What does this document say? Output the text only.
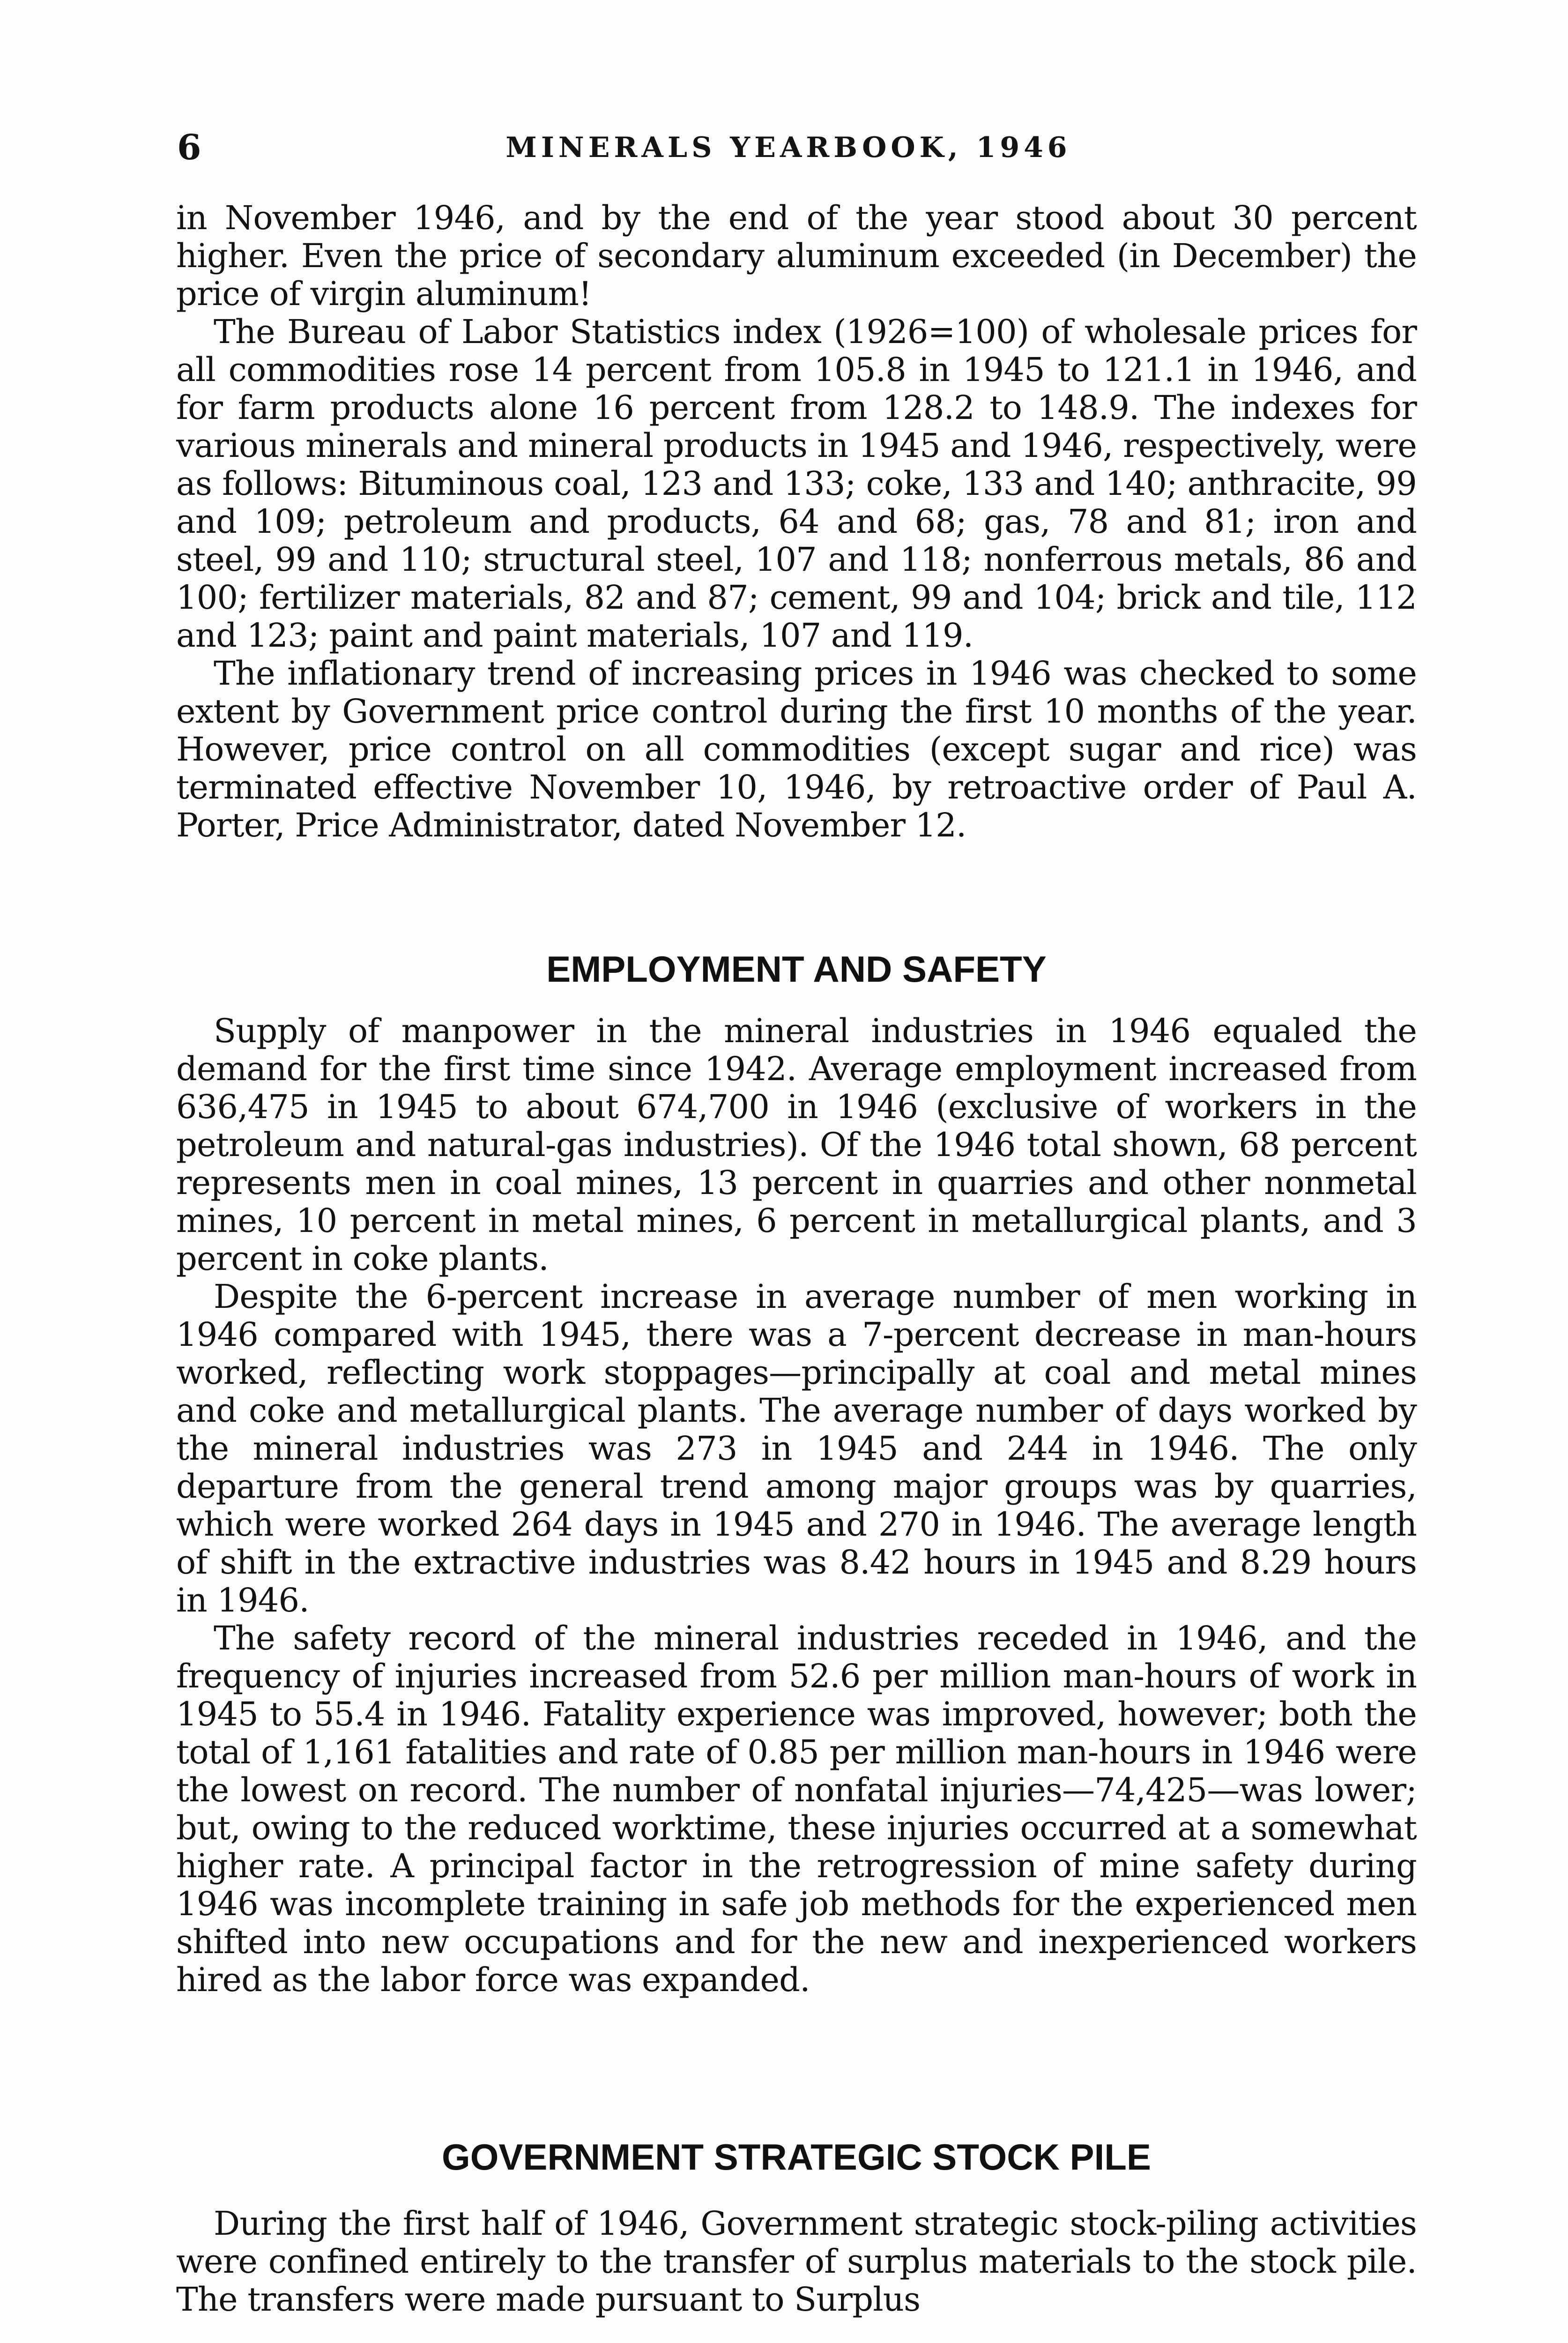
6	MINERALS YEARBOOK, 1946

in November 1946, and by the end of the year stood about 30 percent higher. Even the price of secondary aluminum exceeded (in December) the price of virgin aluminum!

The Bureau of Labor Statistics index (1926=100) of wholesale prices for all commodities rose 14 percent from 105.8 in 1945 to 121.1 in 1946, and for farm products alone 16 percent from 128.2 to 148.9. The indexes for various minerals and mineral products in 1945 and 1946, respectively, were as follows: Bituminous coal, 123 and 133; coke, 133 and 140; anthracite, 99 and 109; petroleum and products, 64 and 68; gas, 78 and 81; iron and steel, 99 and 110; structural steel, 107 and 118; nonferrous metals, 86 and 100; fertilizer materials, 82 and 87; cement, 99 and 104; brick and tile, 112 and 123; paint and paint materials, 107 and 119.

The inflationary trend of increasing prices in 1946 was checked to some extent by Government price control during the first 10 months of the year. However, price control on all commodities (except sugar and rice) was terminated effective November 10, 1946, by retroactive order of Paul A. Porter, Price Administrator, dated November 12.

EMPLOYMENT AND SAFETY

Supply of manpower in the mineral industries in 1946 equaled the demand for the first time since 1942. Average employment increased from 636,475 in 1945 to about 674,700 in 1946 (exclusive of workers in the petroleum and natural-gas industries). Of the 1946 total shown, 68 percent represents men in coal mines, 13 percent in quarries and other nonmetal mines, 10 percent in metal mines, 6 percent in metallurgical plants, and 3 percent in coke plants.

Despite the 6-percent increase in average number of men working in 1946 compared with 1945, there was a 7-percent decrease in man-hours worked, reflecting work stoppages—principally at coal and metal mines and coke and metallurgical plants. The average number of days worked by the mineral industries was 273 in 1945 and 244 in 1946. The only departure from the general trend among major groups was by quarries, which were worked 264 days in 1945 and 270 in 1946. The average length of shift in the extractive industries was 8.42 hours in 1945 and 8.29 hours in 1946.

The safety record of the mineral industries receded in 1946, and the frequency of injuries increased from 52.6 per million man-hours of work in 1945 to 55.4 in 1946. Fatality experience was improved, however; both the total of 1,161 fatalities and rate of 0.85 per million man-hours in 1946 were the lowest on record. The number of nonfatal injuries—74,425—was lower; but, owing to the reduced worktime, these injuries occurred at a somewhat higher rate. A principal factor in the retrogression of mine safety during 1946 was incomplete training in safe job methods for the experienced men shifted into new occupations and for the new and inexperienced workers hired as the labor force was expanded.

GOVERNMENT STRATEGIC STOCK PILE

During the first half of 1946, Government strategic stock-piling activities were confined entirely to the transfer of surplus materials to the stock pile. The transfers were made pursuant to Surplus
